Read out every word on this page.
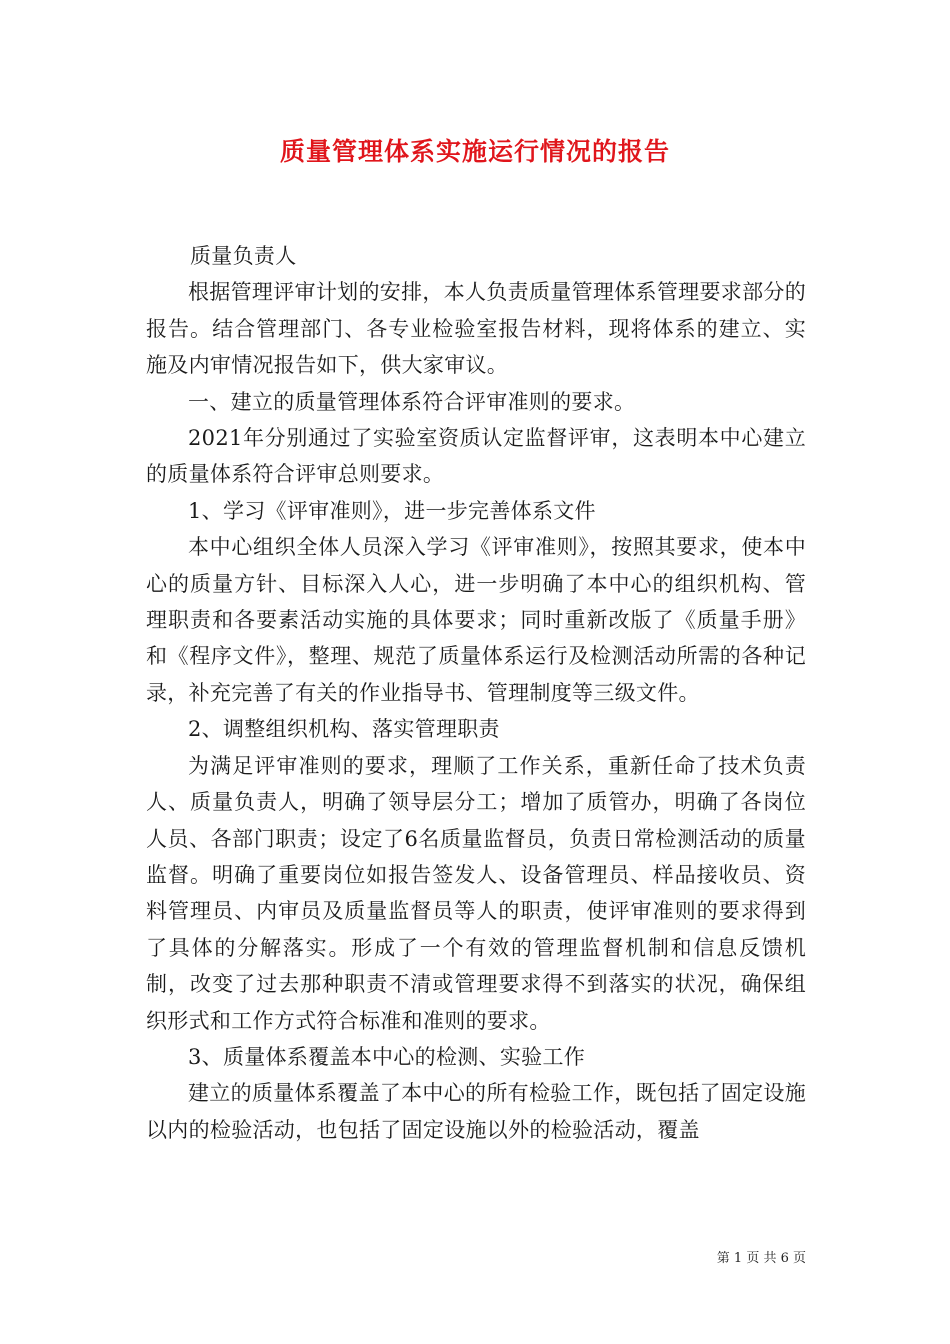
质量管理体系实施运行情况的报告

质量负责人

根据管理评审计划的安排，本人负责质量管理体系管理要求部分的报告。结合管理部门、各专业检验室报告材料，现将体系的建立、实施及内审情况报告如下，供大家审议。

一、建立的质量管理体系符合评审准则的要求。

2021年分别通过了实验室资质认定监督评审，这表明本中心建立的质量体系符合评审总则要求。

1、学习《评审准则》，进一步完善体系文件

本中心组织全体人员深入学习《评审准则》，按照其要求，使本中心的质量方针、目标深入人心，进一步明确了本中心的组织机构、管理职责和各要素活动实施的具体要求；同时重新改版了《质量手册》和《程序文件》，整理、规范了质量体系运行及检测活动所需的各种记录，补充完善了有关的作业指导书、管理制度等三级文件。

2、调整组织机构、落实管理职责

为满足评审准则的要求，理顺了工作关系，重新任命了技术负责人、质量负责人，明确了领导层分工；增加了质管办，明确了各岗位人员、各部门职责；设定了6名质量监督员，负责日常检测活动的质量监督。明确了重要岗位如报告签发人、设备管理员、样品接收员、资料管理员、内审员及质量监督员等人的职责，使评审准则的要求得到了具体的分解落实。形成了一个有效的管理监督机制和信息反馈机制，改变了过去那种职责不清或管理要求得不到落实的状况，确保组织形式和工作方式符合标准和准则的要求。

3、质量体系覆盖本中心的检测、实验工作

建立的质量体系覆盖了本中心的所有检验工作，既包括了固定设施以内的检验活动，也包括了固定设施以外的检验活动，覆盖

第 1 页 共 6 页
